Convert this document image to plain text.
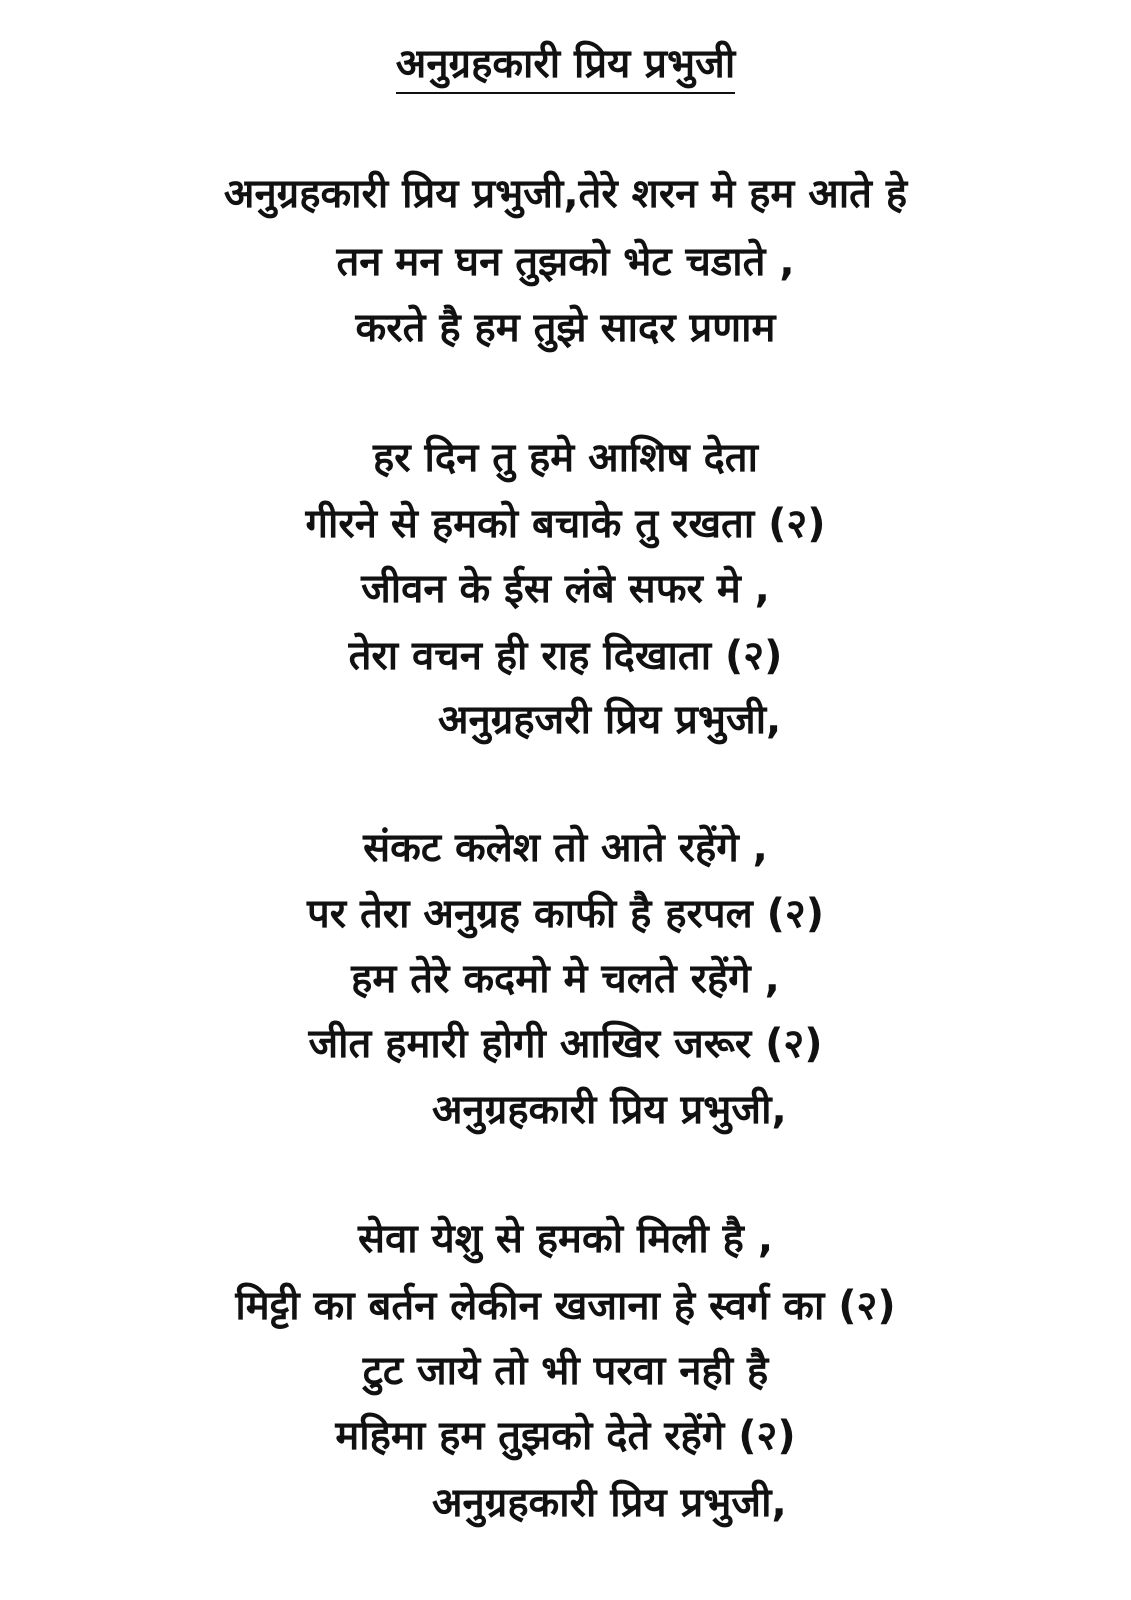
अनुग्रहकारी प्रिय प्रभुजी
अनुग्रहकारी प्रिय प्रभुजी,तेरे शरन मे हम आते हे
तन मन घन तुझको भेट चडाते ,
करते है हम तुझे सादर प्रणाम
हर दिन तु हमे आशिष देता
गीरने से हमको बचाके तु रखता (२)
जीवन के ईस लंबे सफर मे ,
तेरा वचन ही राह दिखाता (२)
अनुग्रहजरी प्रिय प्रभुजी,
संकट कलेश तो आते रहेंगे ,
पर तेरा अनुग्रह काफी है हरपल (२)
हम तेरे कदमो मे चलते रहेंगे ,
जीत हमारी होगी आखिर जरूर (२)
अनुग्रहकारी प्रिय प्रभुजी,
सेवा येशु से हमको मिली है ,
मिट्टी का बर्तन लेकीन खजाना हे स्वर्ग का (२)
टुट जाये तो भी परवा नही है
महिमा हम तुझको देते रहेंगे (२)
अनुग्रहकारी प्रिय प्रभुजी,
